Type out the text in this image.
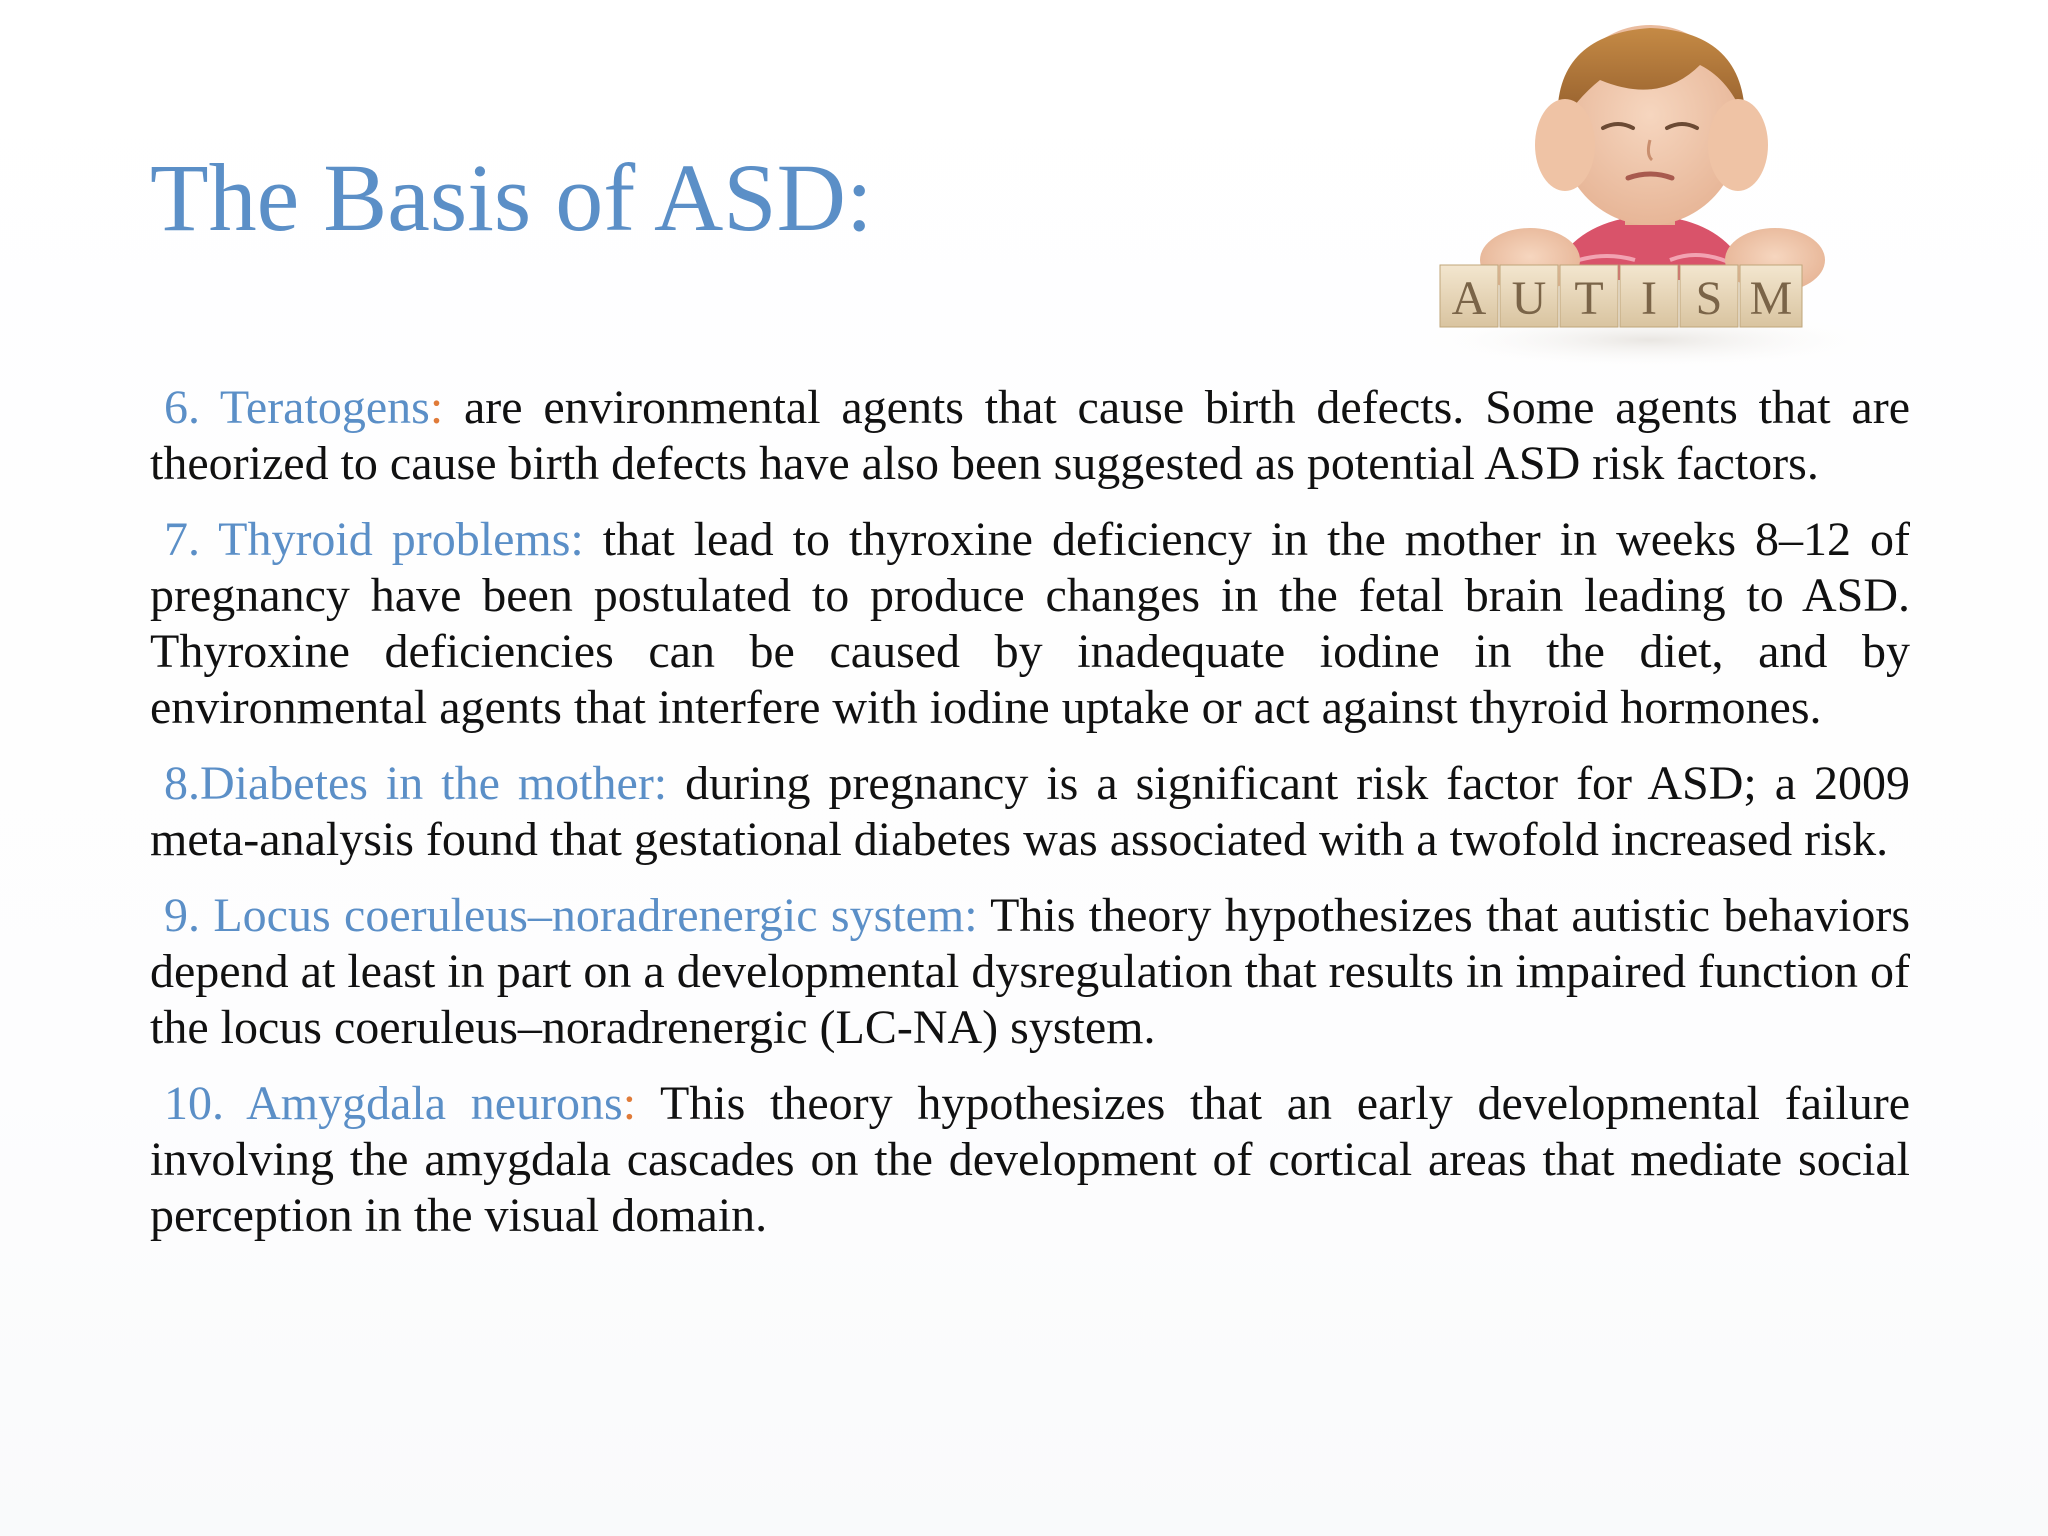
The Basis of ASD:
A U T I S M

6. Teratogens: are environmental agents that cause birth defects. Some agents that are theorized to cause birth defects have also been suggested as potential ASD risk factors.

7. Thyroid problems: that lead to thyroxine deficiency in the mother in weeks 8–12 of pregnancy have been postulated to produce changes in the fetal brain leading to ASD. Thyroxine deficiencies can be caused by inadequate iodine in the diet, and by environmental agents that interfere with iodine uptake or act against thyroid hormones.

8.Diabetes in the mother: during pregnancy is a significant risk factor for ASD; a 2009 meta-analysis found that gestational diabetes was associated with a twofold increased risk.

9. Locus coeruleus–noradrenergic system: This theory hypothesizes that autistic behaviors depend at least in part on a developmental dysregulation that results in impaired function of the locus coeruleus–noradrenergic (LC-NA) system.

10. Amygdala neurons: This theory hypothesizes that an early developmental failure involving the amygdala cascades on the development of cortical areas that mediate social perception in the visual domain.
